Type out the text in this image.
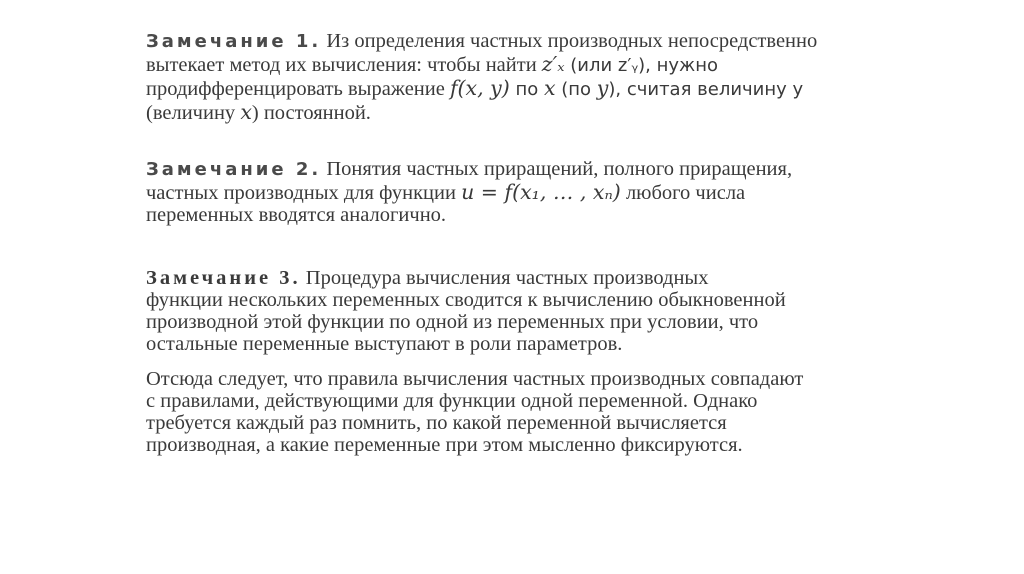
Замечание 1. Из определения частных производных непосредственно
вытекает метод их вычисления: чтобы найти z′ₓ (или z′ᵧ), нужно
продифференцировать выражение f(x, y) по x (по y), считая величину y
(величину x) постоянной.

Замечание 2. Понятия частных приращений, полного приращения,
частных производных для функции u = f(x₁, … , xₙ) любого числа
переменных вводятся аналогично.

Замечание 3. Процедура вычисления частных производных
функции нескольких переменных сводится к вычислению обыкновенной
производной этой функции по одной из переменных при условии, что
остальные переменные выступают в роли параметров.

Отсюда следует, что правила вычисления частных производных совпадают
с правилами, действующими для функции одной переменной. Однако
требуется каждый раз помнить, по какой переменной вычисляется
производная, а какие переменные при этом мысленно фиксируются.
